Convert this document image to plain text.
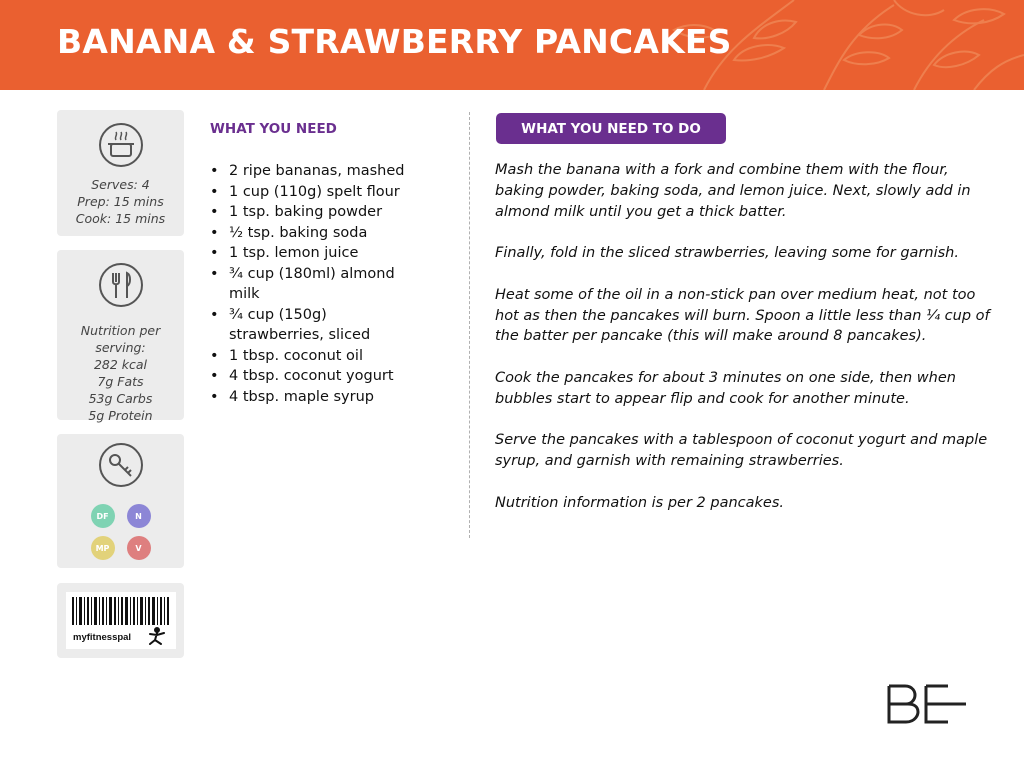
BANANA & STRAWBERRY PANCAKES
Serves: 4
Prep: 15 mins
Cook: 15 mins
Nutrition per
serving:
282 kcal
7g Fats
53g Carbs
5g Protein
DF	N
MP	V
myfitnesspal
WHAT YOU NEED
• 2 ripe bananas, mashed
• 1 cup (110g) spelt flour
• 1 tsp. baking powder
• ½ tsp. baking soda
• 1 tsp. lemon juice
• ¾ cup (180ml) almond milk
• ¾ cup (150g) strawberries, sliced
• 1 tbsp. coconut oil
• 4 tbsp. coconut yogurt
• 4 tbsp. maple syrup
WHAT YOU NEED TO DO

Mash the banana with a fork and combine them with the flour, baking powder, baking soda, and lemon juice. Next, slowly add in almond milk until you get a thick batter.

Finally, fold in the sliced strawberries, leaving some for garnish.

Heat some of the oil in a non-stick pan over medium heat, not too hot as then the pancakes will burn. Spoon a little less than ¼ cup of the batter per pancake (this will make around 8 pancakes).

Cook the pancakes for about 3 minutes on one side, then when bubbles start to appear flip and cook for another minute.

Serve the pancakes with a tablespoon of coconut yogurt and maple syrup, and garnish with remaining strawberries.

Nutrition information is per 2 pancakes.
